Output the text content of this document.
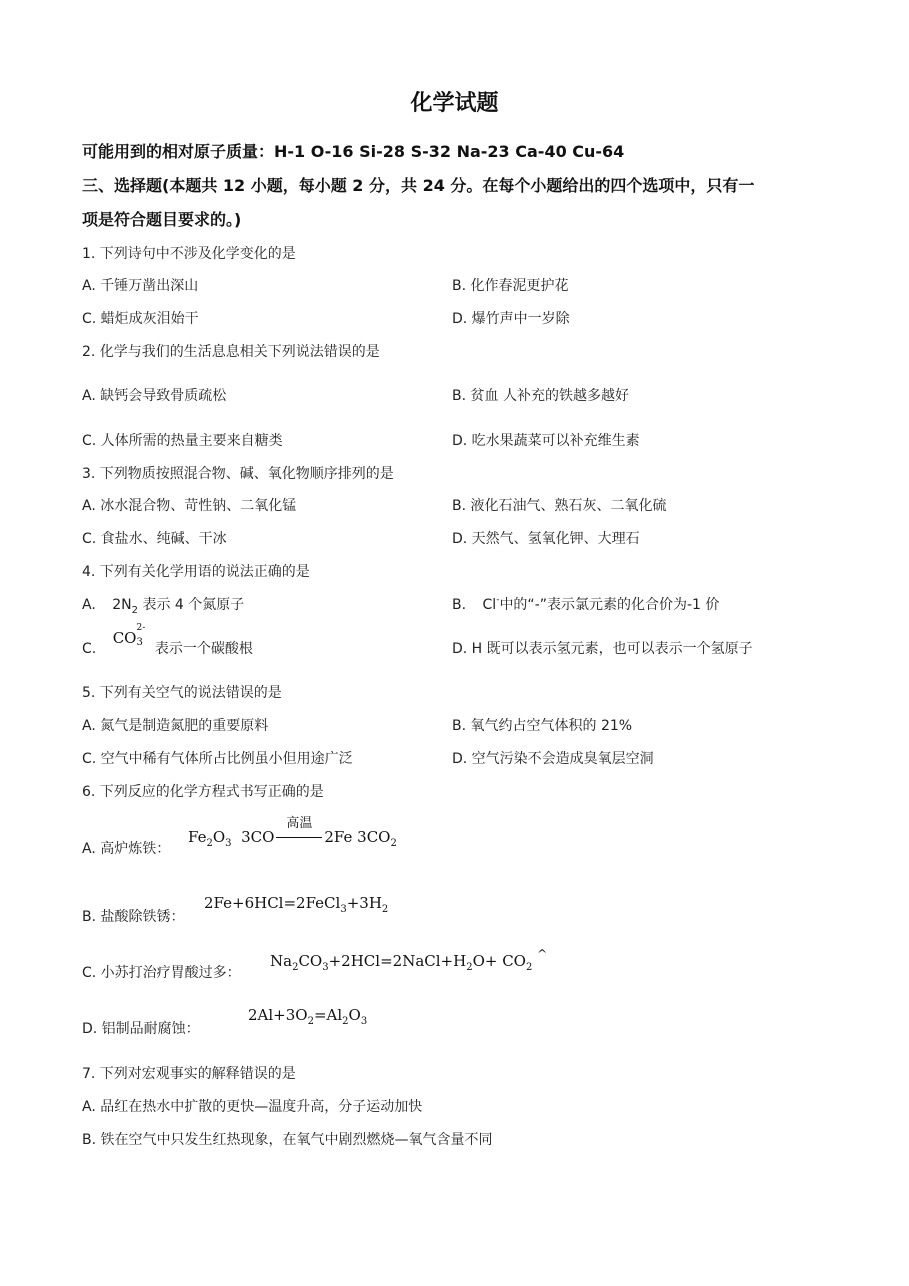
化学试题
可能用到的相对原子质量：H-1 O-16 Si-28 S-32 Na-23 Ca-40 Cu-64
三、选择题(本题共 12 小题，每小题 2 分，共 24 分。在每个小题给出的四个选项中，只有一
项是符合题目要求的。)
1. 下列诗句中不涉及化学变化的是
A. 千锤万凿出深山	B. 化作春泥更护花
C. 蜡炬成灰泪始干	D. 爆竹声中一岁除
2. 化学与我们的生活息息相关下列说法错误的是
A. 缺钙会导致骨质疏松	B. 贫血 人补充的铁越多越好
C. 人体所需的热量主要来自糖类	D. 吃水果蔬菜可以补充维生素
3. 下列物质按照混合物、碱、氧化物顺序排列的是
A. 冰水混合物、苛性钠、二氧化锰	B. 液化石油气、熟石灰、二氧化硫
C. 食盐水、纯碱、干冰	D. 天然气、氢氧化钾、大理石
4. 下列有关化学用语的说法正确的是
A. $2N_2$ 表示 4 个氮原子	B. Cl-中的“-”表示氯元素的化合价为-1 价
C. CO 3
2-
表示一个碳酸根	D. H 既可以表示氢元素，也可以表示一个氢原子
5. 下列有关空气的说法错误的是
A. 氮气是制造氮肥的重要原料	B. 氧气约占空气体积的 21%
C. 空气中稀有气体所占比例虽小但用途广泛	D. 空气污染不会造成臭氧层空洞
6. 下列反应的化学方程式书写正确的是
A. 高炉炼铁：
$Fe_2O_3$  3CO
高温
2Fe $3CO_2$
B. 盐酸除铁锈：
$2Fe+6HCl=2FeCl_3+3H_2$
C. 小苏打治疗胃酸过多：
$Na_2CO_3+2HCl=2NaCl+H_2O+ CO_2$ ^
D. 铝制品耐腐蚀：
$2Al+3O_2=Al_2O_3$
7. 下列对宏观事实的解释错误的是
A. 品红在热水中扩散的更快—温度升高，分子运动加快
B. 铁在空气中只发生红热现象，在氧气中剧烈燃烧—氧气含量不同
